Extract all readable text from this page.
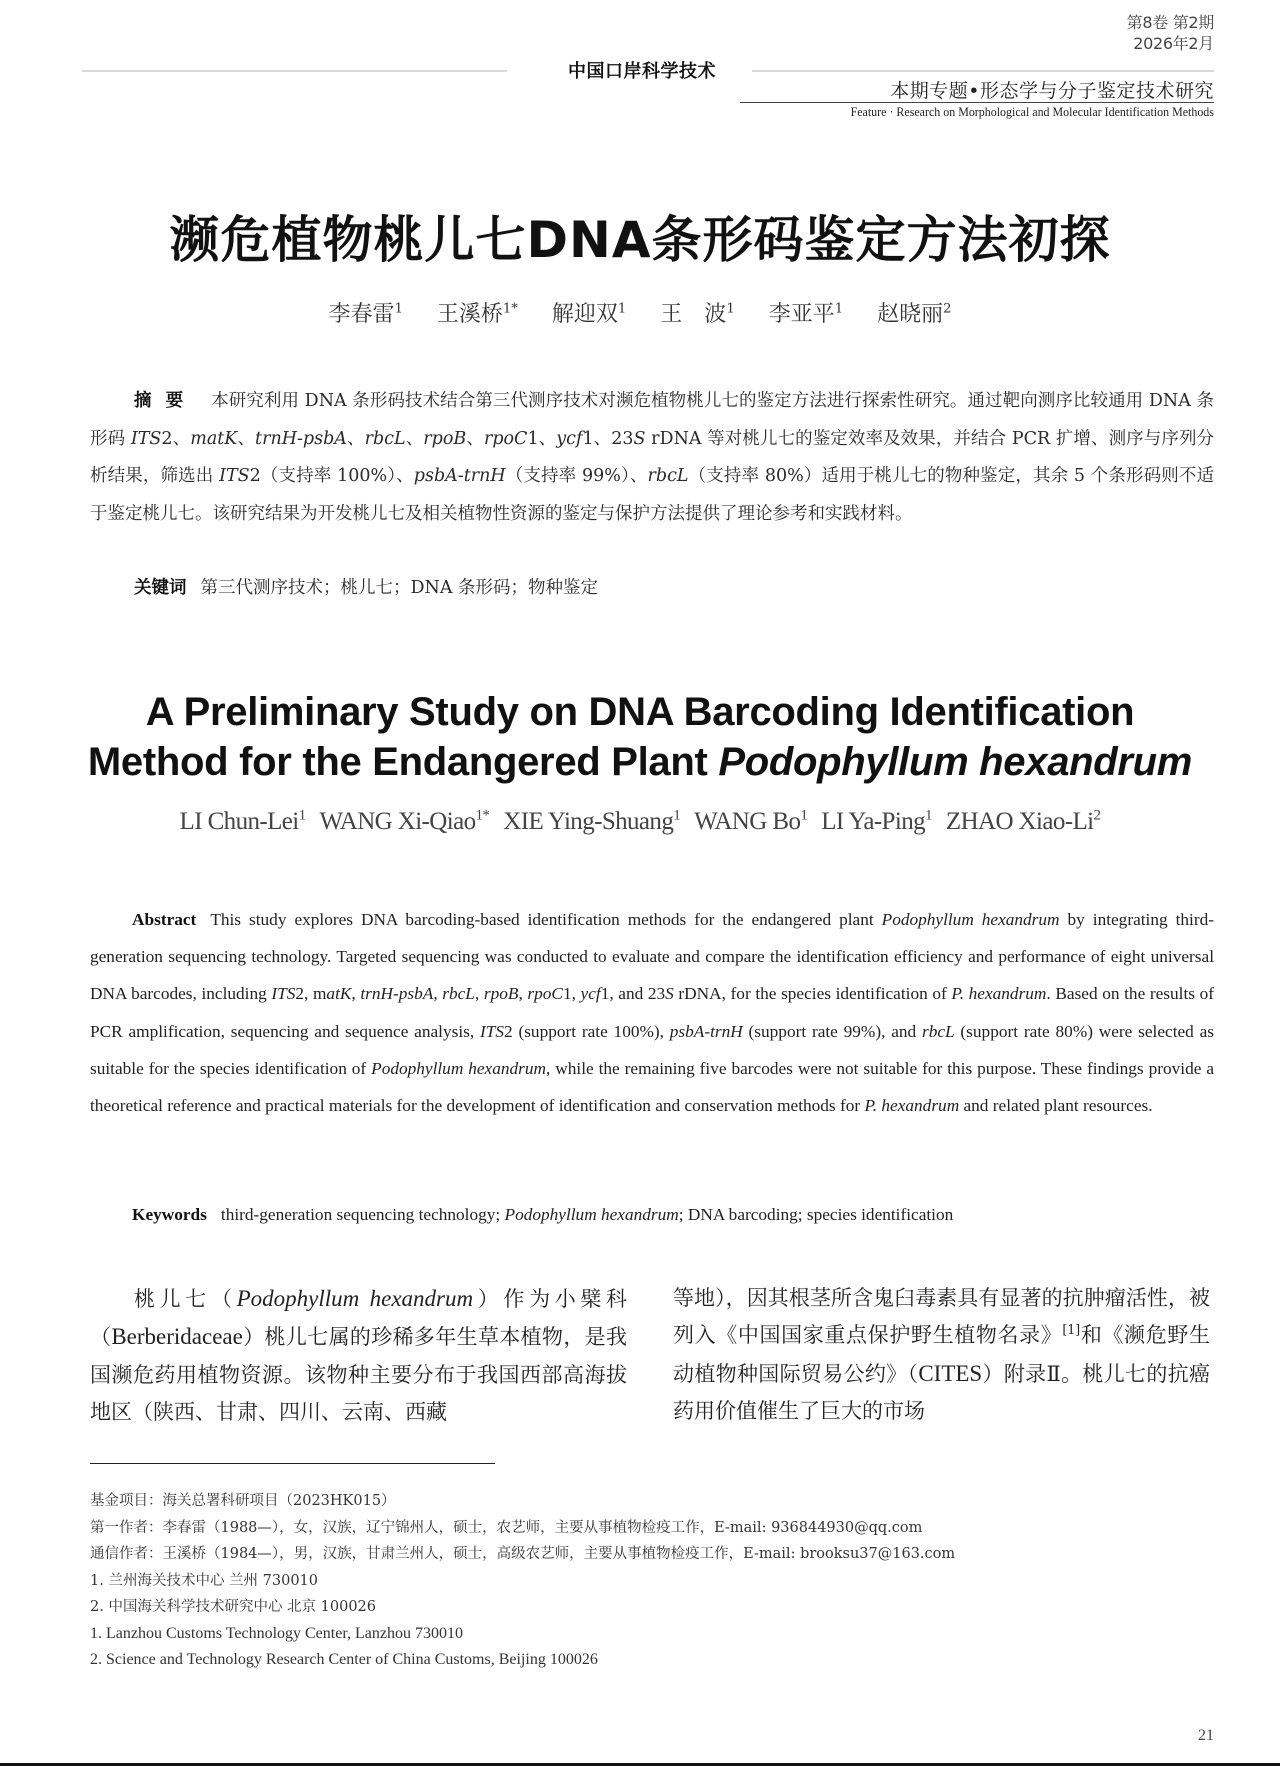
第8卷 第2期
2026年2月
中国口岸科学技术
本期专题•形态学与分子鉴定技术研究
Feature · Research on Morphological and Molecular Identification Methods
濒危植物桃儿七DNA条形码鉴定方法初探
李春雷$^1$ 王溪桥$^{1*}$ 解迎双$^1$ 王　波$^1$ 李亚平$^1$ 赵晓丽$^2$
摘要 本研究利用 DNA 条形码技术结合第三代测序技术对濒危植物桃儿七的鉴定方法进行探索性研究。通过靶向测序比较通用 DNA 条形码 ITS2、matK、trnH-psbA、rbcL、rpoB、rpoC1、ycf1、23S rDNA 等对桃儿七的鉴定效率及效果，并结合 PCR 扩增、测序与序列分析结果，筛选出 ITS2（支持率 100%）、psbA-trnH（支持率 99%）、rbcL（支持率 80%）适用于桃儿七的物种鉴定，其余 5 个条形码则不适于鉴定桃儿七。该研究结果为开发桃儿七及相关植物性资源的鉴定与保护方法提供了理论参考和实践材料。
关键词 第三代测序技术；桃儿七；DNA 条形码；物种鉴定
A Preliminary Study on DNA Barcoding Identification
Method for the Endangered Plant Podophyllum hexandrum
LI Chun-Lei$^1$ WANG Xi-Qiao$^{1*}$ XIE Ying-Shuang$^1$ WANG Bo$^1$ LI Ya-Ping$^1$ ZHAO Xiao-Li$^2$
Abstract This study explores DNA barcoding-based identification methods for the endangered plant Podophyllum hexandrum by integrating third-generation sequencing technology. Targeted sequencing was conducted to evaluate and compare the identification efficiency and performance of eight universal DNA barcodes, including ITS2, matK, trnH-psbA, rbcL, rpoB, rpoC1, ycf1, and 23S rDNA, for the species identification of P. hexandrum. Based on the results of PCR amplification, sequencing and sequence analysis, ITS2 (support rate 100%), psbA-trnH (support rate 99%), and rbcL (support rate 80%) were selected as suitable for the species identification of Podophyllum hexandrum, while the remaining five barcodes were not suitable for this purpose. These findings provide a theoretical reference and practical materials for the development of identification and conservation methods for P. hexandrum and related plant resources.
Keywords third-generation sequencing technology; Podophyllum hexandrum; DNA barcoding; species identification
桃儿七（Podophyllum hexandrum）作为小檗科（Berberidaceae）桃儿七属的珍稀多年生草本植物，是我国濒危药用植物资源。该物种主要分布于我国西部高海拔地区（陕西、甘肃、四川、云南、西藏
等地），因其根茎所含鬼臼毒素具有显著的抗肿瘤活性，被列入《中国国家重点保护野生植物名录》[1]和《濒危野生动植物种国际贸易公约》（CITES）附录Ⅱ。桃儿七的抗癌药用价值催生了巨大的市场
基金项目：海关总署科研项目（2023HK015）
第一作者：李春雷（1988—），女，汉族，辽宁锦州人，硕士，农艺师，主要从事植物检疫工作，E-mail: 936844930@qq.com
通信作者：王溪桥（1984—），男，汉族，甘肃兰州人，硕士，高级农艺师，主要从事植物检疫工作，E-mail: brooksu37@163.com
1. 兰州海关技术中心 兰州 730010
2. 中国海关科学技术研究中心 北京 100026
1. Lanzhou Customs Technology Center, Lanzhou 730010
2. Science and Technology Research Center of China Customs, Beijing 100026
21
